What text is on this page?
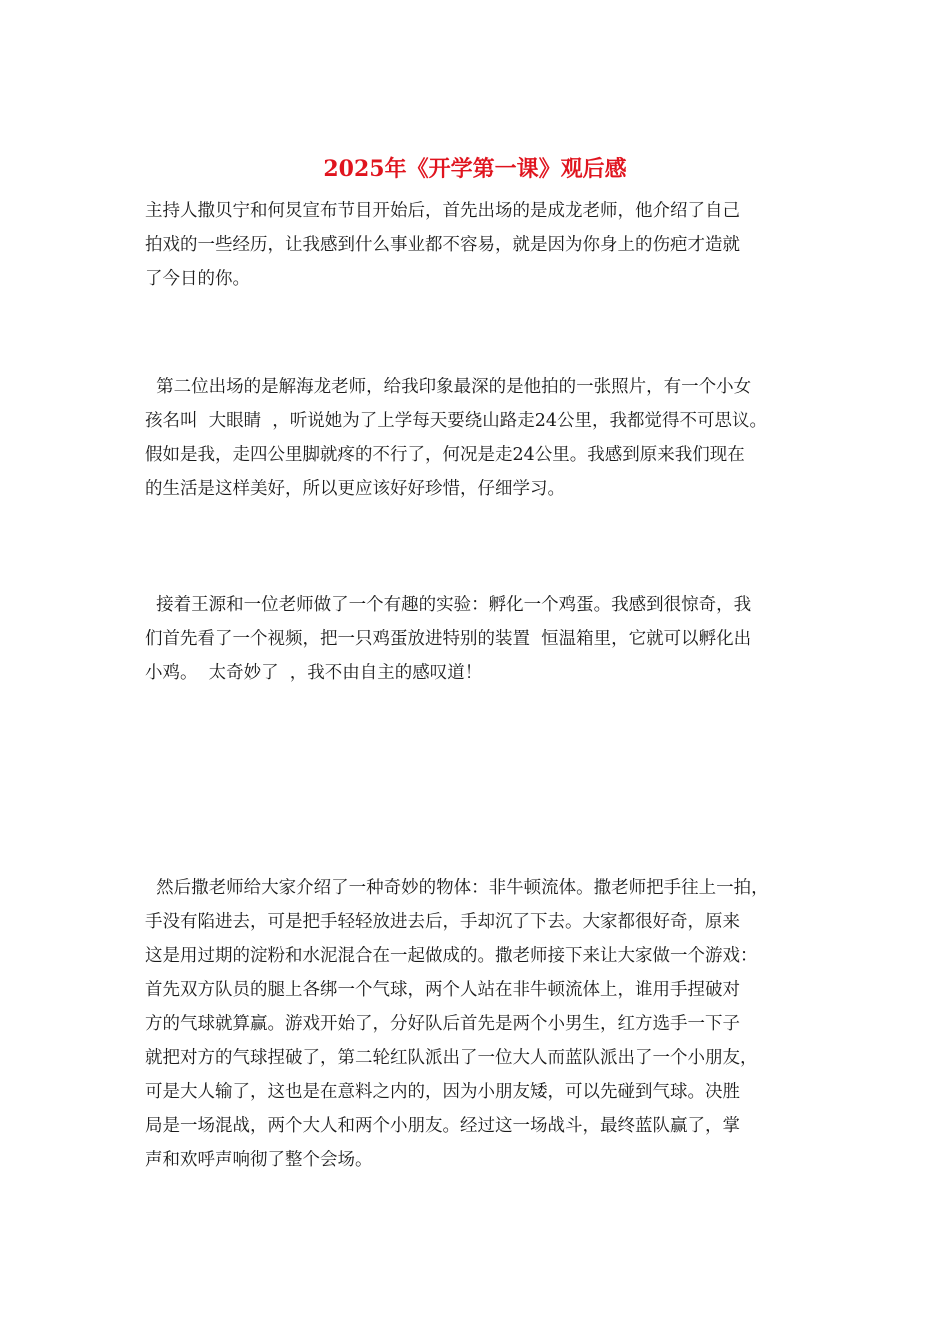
2025年《开学第一课》观后感

主持人撒贝宁和何炅宣布节目开始后，首先出场的是成龙老师，他介绍了自己
拍戏的一些经历，让我感到什么事业都不容易，就是因为你身上的伤疤才造就
了今日的你。

第二位出场的是解海龙老师，给我印象最深的是他拍的一张照片，有一个小女
孩名叫  大眼睛  ，听说她为了上学每天要绕山路走24公里，我都觉得不可思议。
假如是我，走四公里脚就疼的不行了，何况是走24公里。我感到原来我们现在
的生活是这样美好，所以更应该好好珍惜，仔细学习。

接着王源和一位老师做了一个有趣的实验：孵化一个鸡蛋。我感到很惊奇，我
们首先看了一个视频，把一只鸡蛋放进特别的装置  恒温箱里，它就可以孵化出
小鸡。  太奇妙了  ，我不由自主的感叹道！

然后撒老师给大家介绍了一种奇妙的物体：非牛顿流体。撒老师把手往上一拍，
手没有陷进去，可是把手轻轻放进去后，手却沉了下去。大家都很好奇，原来
这是用过期的淀粉和水泥混合在一起做成的。撒老师接下来让大家做一个游戏：
首先双方队员的腿上各绑一个气球，两个人站在非牛顿流体上，谁用手捏破对
方的气球就算赢。游戏开始了，分好队后首先是两个小男生，红方选手一下子
就把对方的气球捏破了，第二轮红队派出了一位大人而蓝队派出了一个小朋友，
可是大人输了，这也是在意料之内的，因为小朋友矮，可以先碰到气球。决胜
局是一场混战，两个大人和两个小朋友。经过这一场战斗，最终蓝队赢了，掌
声和欢呼声响彻了整个会场。
